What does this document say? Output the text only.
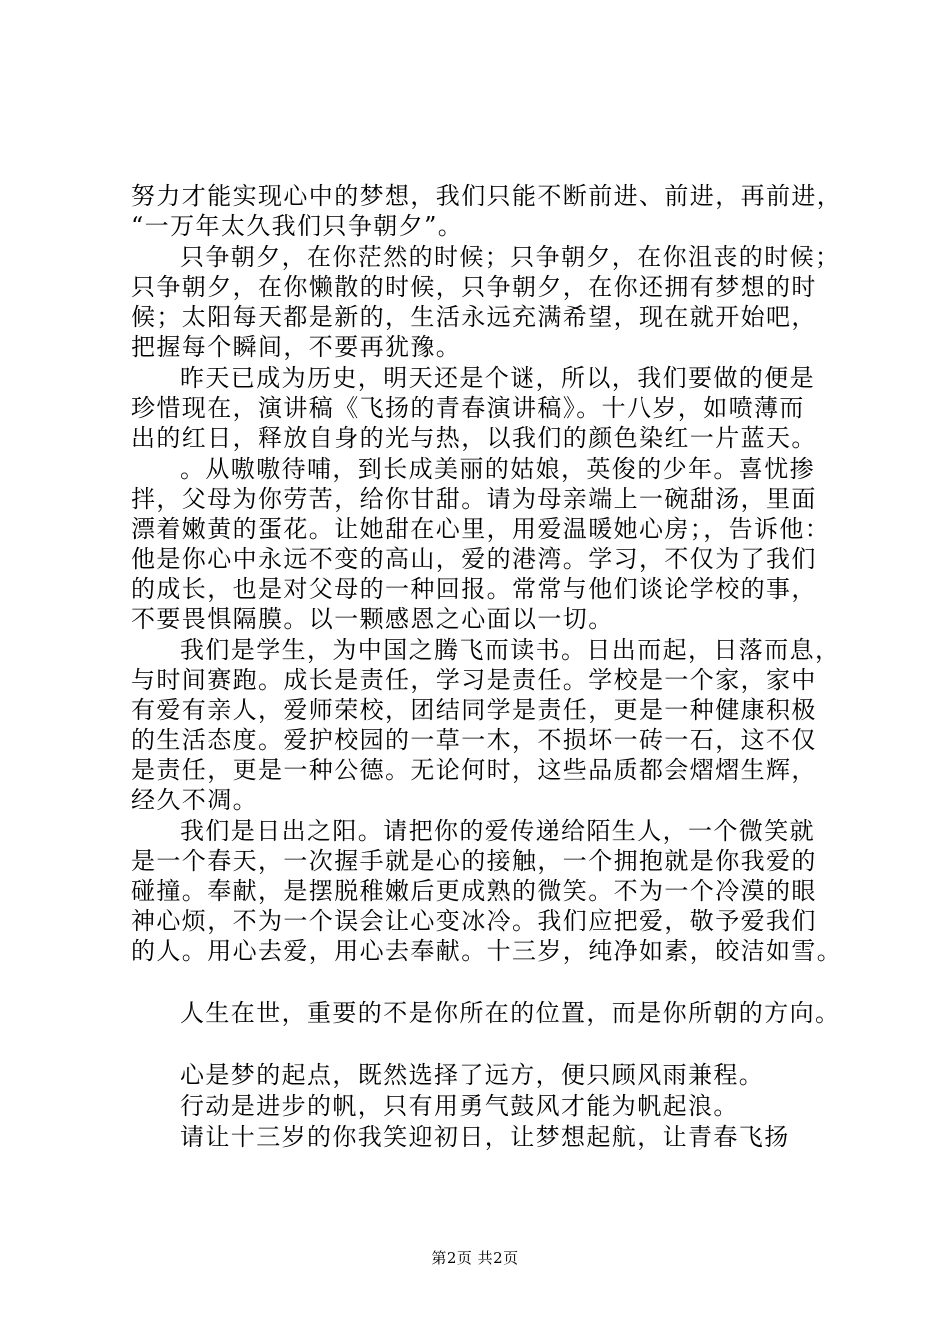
努力才能实现心中的梦想，我们只能不断前进、前进，再前进，
“一万年太久我们只争朝夕”。
只争朝夕，在你茫然的时候；只争朝夕，在你沮丧的时候；
只争朝夕，在你懒散的时候，只争朝夕，在你还拥有梦想的时
候；太阳每天都是新的，生活永远充满希望，现在就开始吧，
把握每个瞬间，不要再犹豫。
昨天已成为历史，明天还是个谜，所以，我们要做的便是
珍惜现在，演讲稿《飞扬的青春演讲稿》。十八岁，如喷薄而
出的红日，释放自身的光与热，以我们的颜色染红一片蓝天。
。从嗷嗷待哺，到长成美丽的姑娘，英俊的少年。喜忧掺
拌，父母为你劳苦，给你甘甜。请为母亲端上一碗甜汤，里面
漂着嫩黄的蛋花。让她甜在心里，用爱温暖她心房；，告诉他：
他是你心中永远不变的高山，爱的港湾。学习，不仅为了我们
的成长，也是对父母的一种回报。常常与他们谈论学校的事，
不要畏惧隔膜。以一颗感恩之心面以一切。
我们是学生，为中国之腾飞而读书。日出而起，日落而息，
与时间赛跑。成长是责任，学习是责任。学校是一个家，家中
有爱有亲人，爱师荣校，团结同学是责任，更是一种健康积极
的生活态度。爱护校园的一草一木，不损坏一砖一石，这不仅
是责任，更是一种公德。无论何时，这些品质都会熠熠生辉，
经久不凋。
我们是日出之阳。请把你的爱传递给陌生人，一个微笑就
是一个春天，一次握手就是心的接触，一个拥抱就是你我爱的
碰撞。奉献，是摆脱稚嫩后更成熟的微笑。不为一个冷漠的眼
神心烦，不为一个误会让心变冰冷。我们应把爱，敬予爱我们
的人。用心去爱，用心去奉献。十三岁，纯净如素，皎洁如雪。
人生在世，重要的不是你所在的位置，而是你所朝的方向。
心是梦的起点，既然选择了远方，便只顾风雨兼程。
行动是进步的帆，只有用勇气鼓风才能为帆起浪。
请让十三岁的你我笑迎初日，让梦想起航，让青春飞扬
第2页 共2页
